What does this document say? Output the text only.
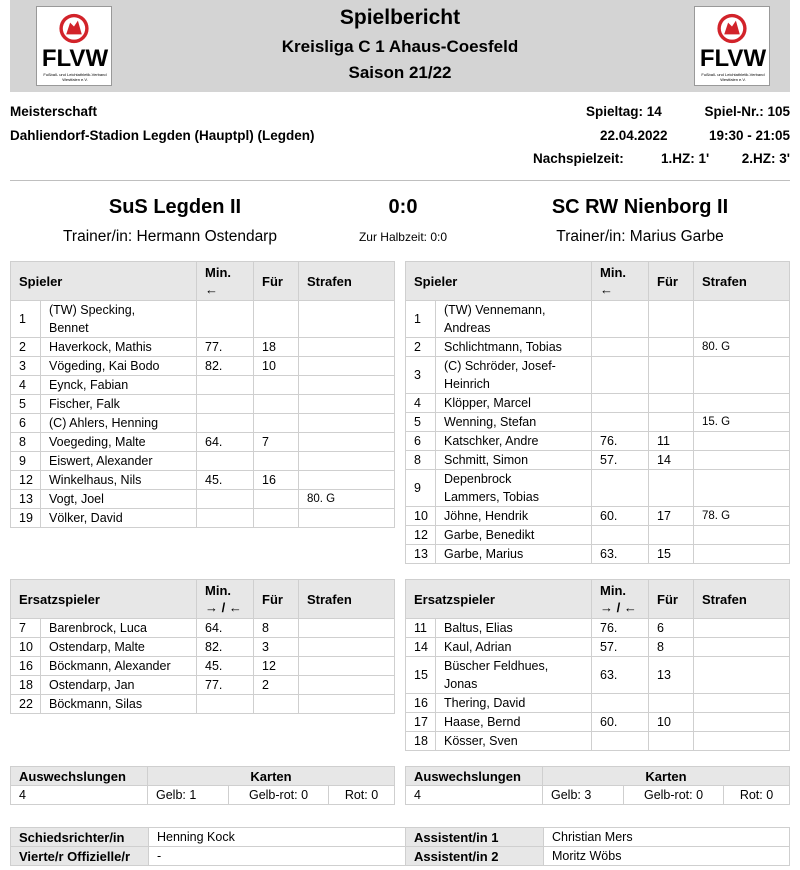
FLVW
Fußball- und Leichtathletik-Verband
Westfalen e.V.
FLVW
Fußball- und Leichtathletik-Verband
Westfalen e.V.
Spielbericht
Kreisliga C 1 Ahaus-Coesfeld
Saison 21/22
Meisterschaft
Dahliendorf-Stadion Legden (Hauptpl) (Legden)
Spieltag: 14	Spiel-Nr.: 105
22.04.2022	19:30 - 21:05
Nachspielzeit:	1.HZ: 1'	2.HZ: 3'
SuS Legden II	0:0	SC RW Nienborg II
Trainer/in: Hermann Ostendarp	Zur Halbzeit: 0:0	Trainer/in: Marius Garbe
Spieler		Min.
←	Für	Strafen
1	(TW) Specking,
Bennet			
2	Haverkock, Mathis	77.	18	
3	Vögeding, Kai Bodo	82.	10	
4	Eynck, Fabian			
5	Fischer, Falk			
6	(C) Ahlers, Henning			
8	Voegeding, Malte	64.	7	
9	Eiswert, Alexander			
12	Winkelhaus, Nils	45.	16	
13	Vogt, Joel			80. G
19	Völker, David			
Spieler		Min.
←	Für	Strafen
1	(TW) Vennemann,
Andreas			
2	Schlichtmann, Tobias			80. G
3	(C) Schröder, Josef-
Heinrich			
4	Klöpper, Marcel			
5	Wenning, Stefan			15. G
6	Katschker, Andre	76.	11	
8	Schmitt, Simon	57.	14	
9	Depenbrock
Lammers, Tobias			
10	Jöhne, Hendrik	60.	17	78. G
12	Garbe, Benedikt			
13	Garbe, Marius	63.	15	
Ersatzspieler		Min.
→ / ←	Für	Strafen
7	Barenbrock, Luca	64.	8	
10	Ostendarp, Malte	82.	3	
16	Böckmann, Alexander	45.	12	
18	Ostendarp, Jan	77.	2	
22	Böckmann, Silas			
Ersatzspieler		Min.
→ / ←	Für	Strafen
11	Baltus, Elias	76.	6	
14	Kaul, Adrian	57.	8	
15	Büscher Feldhues,
Jonas	63.	13	
16	Thering, David			
17	Haase, Bernd	60.	10	
18	Kösser, Sven			
Auswechslungen	Karten		
4	Gelb: 1	Gelb-rot: 0	Rot: 0
Auswechslungen	Karten		
4	Gelb: 3	Gelb-rot: 0	Rot: 0
Schiedsrichter/in	Henning Kock	Assistent/in 1	Christian Mers
Vierte/r Offizielle/r	-	Assistent/in 2	Moritz Wöbs
